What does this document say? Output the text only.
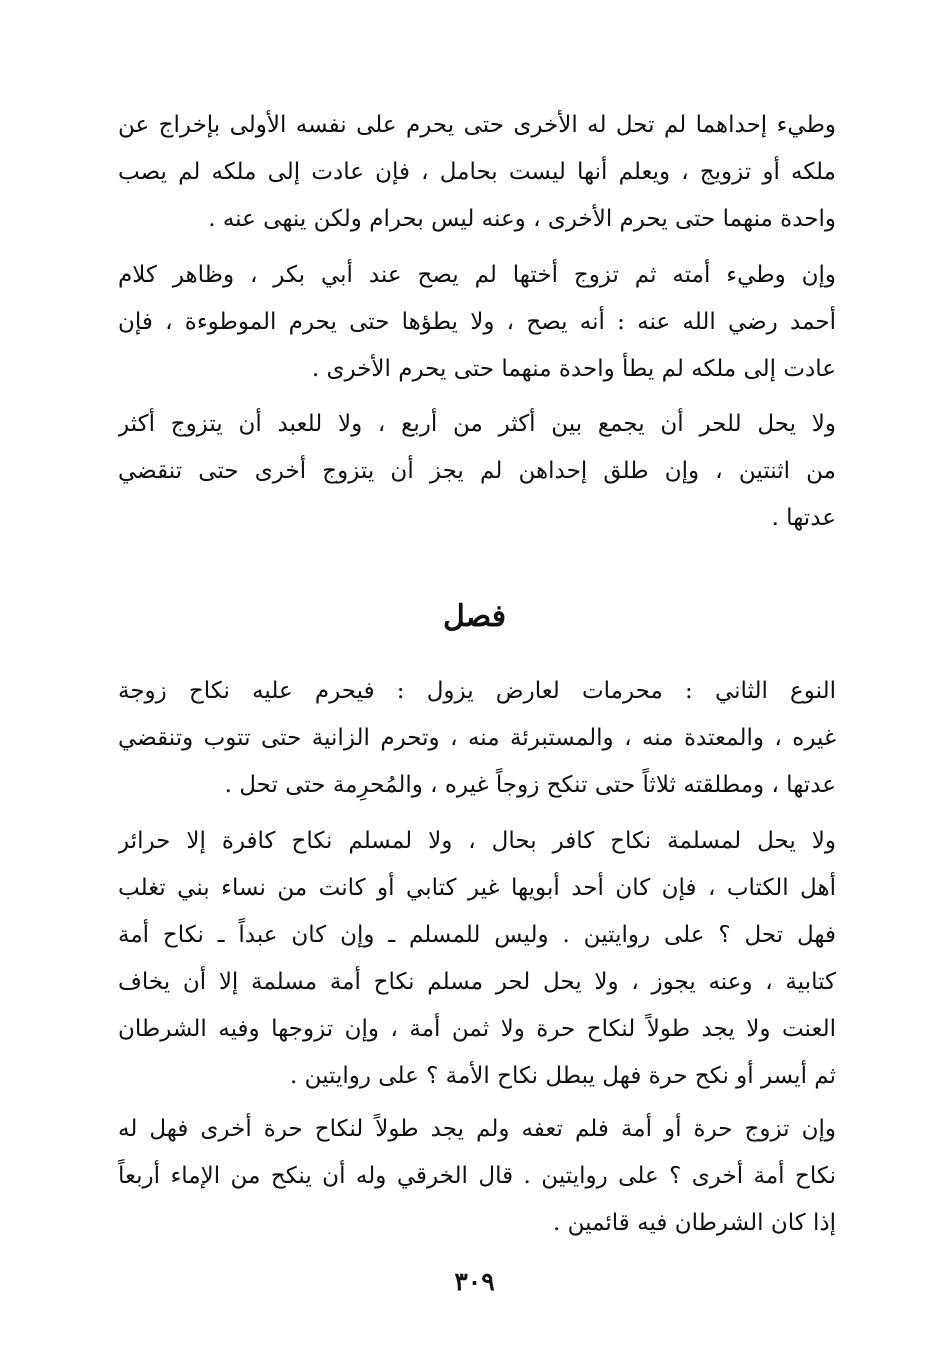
وطيء إحداهما لم تحل له الأخرى حتى يحرم على نفسه الأولى بإخراج عن
ملكه أو تزويج ، ويعلم أنها ليست بحامل ، فإن عادت إلى ملكه لم يصب
واحدة منهما حتى يحرم الأخرى ، وعنه ليس بحرام ولكن ينهى عنه .
وإن وطيء أمته ثم تزوج أختها لم يصح عند أبي بكر ، وظاهر كلام
أحمد رضي الله عنه : أنه يصح ، ولا يطؤها حتى يحرم الموطوءة ، فإن
عادت إلى ملكه لم يطأ واحدة منهما حتى يحرم الأخرى .
ولا يحل للحر أن يجمع بين أكثر من أربع ، ولا للعبد أن يتزوج أكثر
من اثنتين ، وإن طلق إحداهن لم يجز أن يتزوج أخرى حتى تنقضي
عدتها .
فصل
النوع الثاني : محرمات لعارض يزول : فيحرم عليه نكاح زوجة
غيره ، والمعتدة منه ، والمستبرئة منه ، وتحرم الزانية حتى تتوب وتنقضي
عدتها ، ومطلقته ثلاثاً حتى تنكح زوجاً غيره ، والمُحرِمة حتى تحل .
ولا يحل لمسلمة نكاح كافر بحال ، ولا لمسلم نكاح كافرة إلا حرائر
أهل الكتاب ، فإن كان أحد أبويها غير كتابي أو كانت من نساء بني تغلب
فهل تحل ؟ على روايتين . وليس للمسلم ـ وإن كان عبداً ـ نكاح أمة
كتابية ، وعنه يجوز ، ولا يحل لحر مسلم نكاح أمة مسلمة إلا أن يخاف
العنت ولا يجد طولاً لنكاح حرة ولا ثمن أمة ، وإن تزوجها وفيه الشرطان
ثم أيسر أو نكح حرة فهل يبطل نكاح الأمة ؟ على روايتين .
وإن تزوج حرة أو أمة فلم تعفه ولم يجد طولاً لنكاح حرة أخرى فهل له
نكاح أمة أخرى ؟ على روايتين . قال الخرقي وله أن ينكح من الإماء أربعاً
إذا كان الشرطان فيه قائمين .
٣٠٩
